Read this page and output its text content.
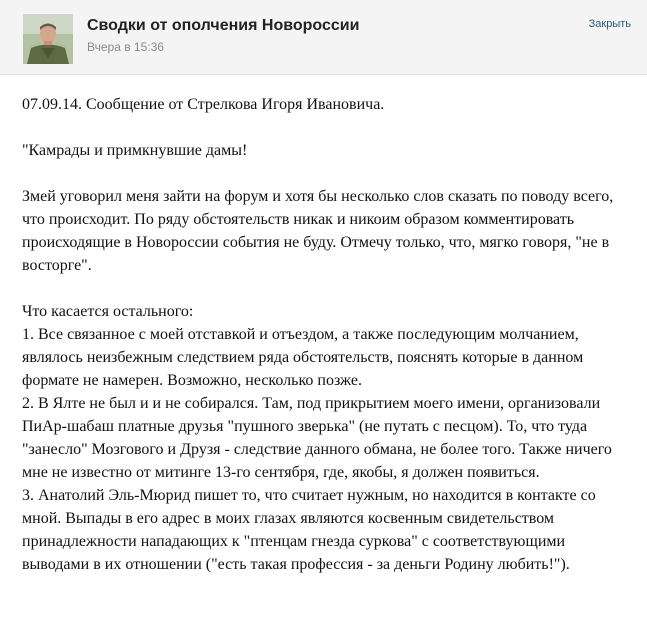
Сводки от ополчения Новороссии
Вчера в 15:36
Закрыть

07.09.14. Сообщение от Стрелкова Игоря Ивановича.

"Камрады и примкнувшие дамы!

Змей уговорил меня зайти на форум и хотя бы несколько слов сказать по поводу всего, что происходит. По ряду обстоятельств никак и никоим образом комментировать происходящие в Новороссии события не буду. Отмечу только, что, мягко говоря, "не в восторге".

Что касается остального:

1. Все связанное с моей отставкой и отъездом, а также последующим молчанием, являлось неизбежным следствием ряда обстоятельств, пояснять которые в данном формате не намерен. Возможно, несколько позже.

2. В Ялте не был и и не собирался. Там, под прикрытием моего имени, организовали ПиАр-шабаш платные друзья "пушного зверька" (не путать с песцом). То, что туда "занесло" Мозгового и Друзя - следствие данного обмана, не более того. Также ничего мне не известно от митинге 13-го сентября, где, якобы, я должен появиться.

3. Анатолий Эль-Мюрид пишет то, что считает нужным, но находится в контакте со мной. Выпады в его адрес в моих глазах являются косвенным свидетельством принадлежности нападающих к "птенцам гнезда суркова" с соответствующими выводами в их отношении ("есть такая профессия - за деньги Родину любить!").
